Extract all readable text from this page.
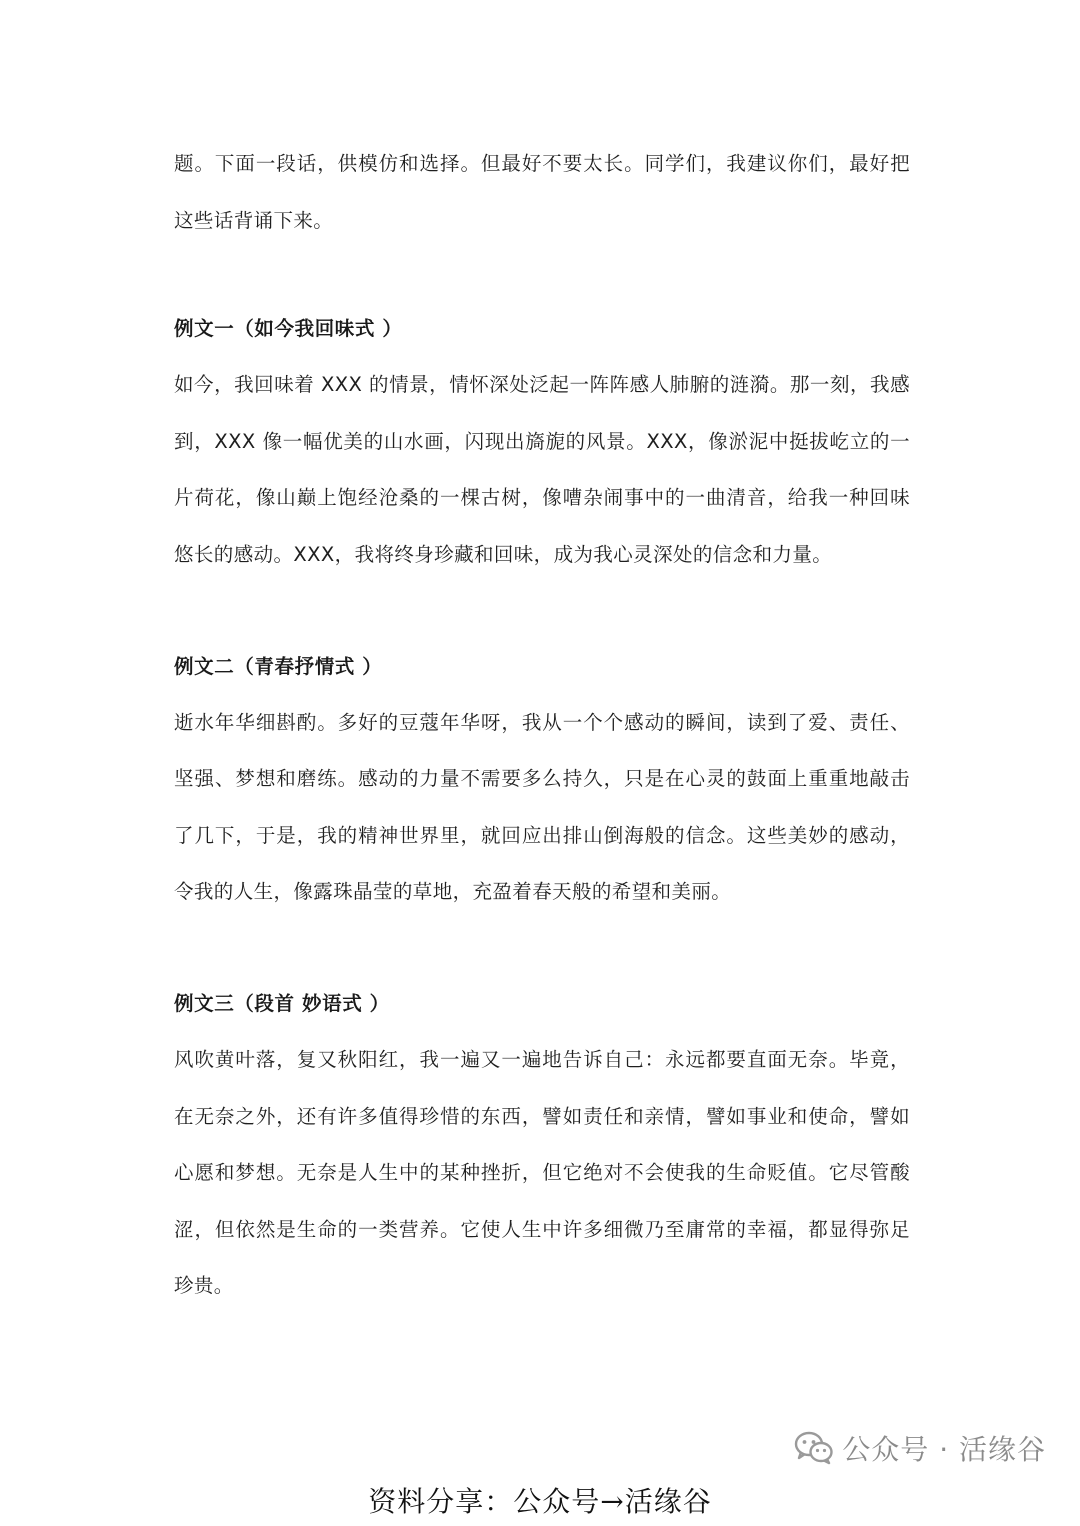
题。下面一段话，供模仿和选择。但最好不要太长。同学们，我建议你们，最好把这些话背诵下来。

例文一（如今我回味式 ）

如今，我回味着 XXX 的情景，情怀深处泛起一阵阵感人肺腑的涟漪。那一刻，我感到，XXX 像一幅优美的山水画，闪现出旖旎的风景。XXX，像淤泥中挺拔屹立的一片荷花，像山巅上饱经沧桑的一棵古树，像嘈杂闹事中的一曲清音，给我一种回味悠长的感动。XXX，我将终身珍藏和回味，成为我心灵深处的信念和力量。

例文二（青春抒情式 ）

逝水年华细斟酌。多好的豆蔻年华呀，我从一个个感动的瞬间，读到了爱、责任、坚强、梦想和磨练。感动的力量不需要多么持久，只是在心灵的鼓面上重重地敲击了几下，于是，我的精神世界里，就回应出排山倒海般的信念。这些美妙的感动，令我的人生，像露珠晶莹的草地，充盈着春天般的希望和美丽。

例文三（段首 妙语式 ）

风吹黄叶落，复又秋阳红，我一遍又一遍地告诉自己：永远都要直面无奈。毕竟，在无奈之外，还有许多值得珍惜的东西，譬如责任和亲情，譬如事业和使命，譬如心愿和梦想。无奈是人生中的某种挫折，但它绝对不会使我的生命贬值。它尽管酸涩，但依然是生命的一类营养。它使人生中许多细微乃至庸常的幸福，都显得弥足珍贵。

公众号 · 活缘谷
资料分享：公众号→活缘谷
